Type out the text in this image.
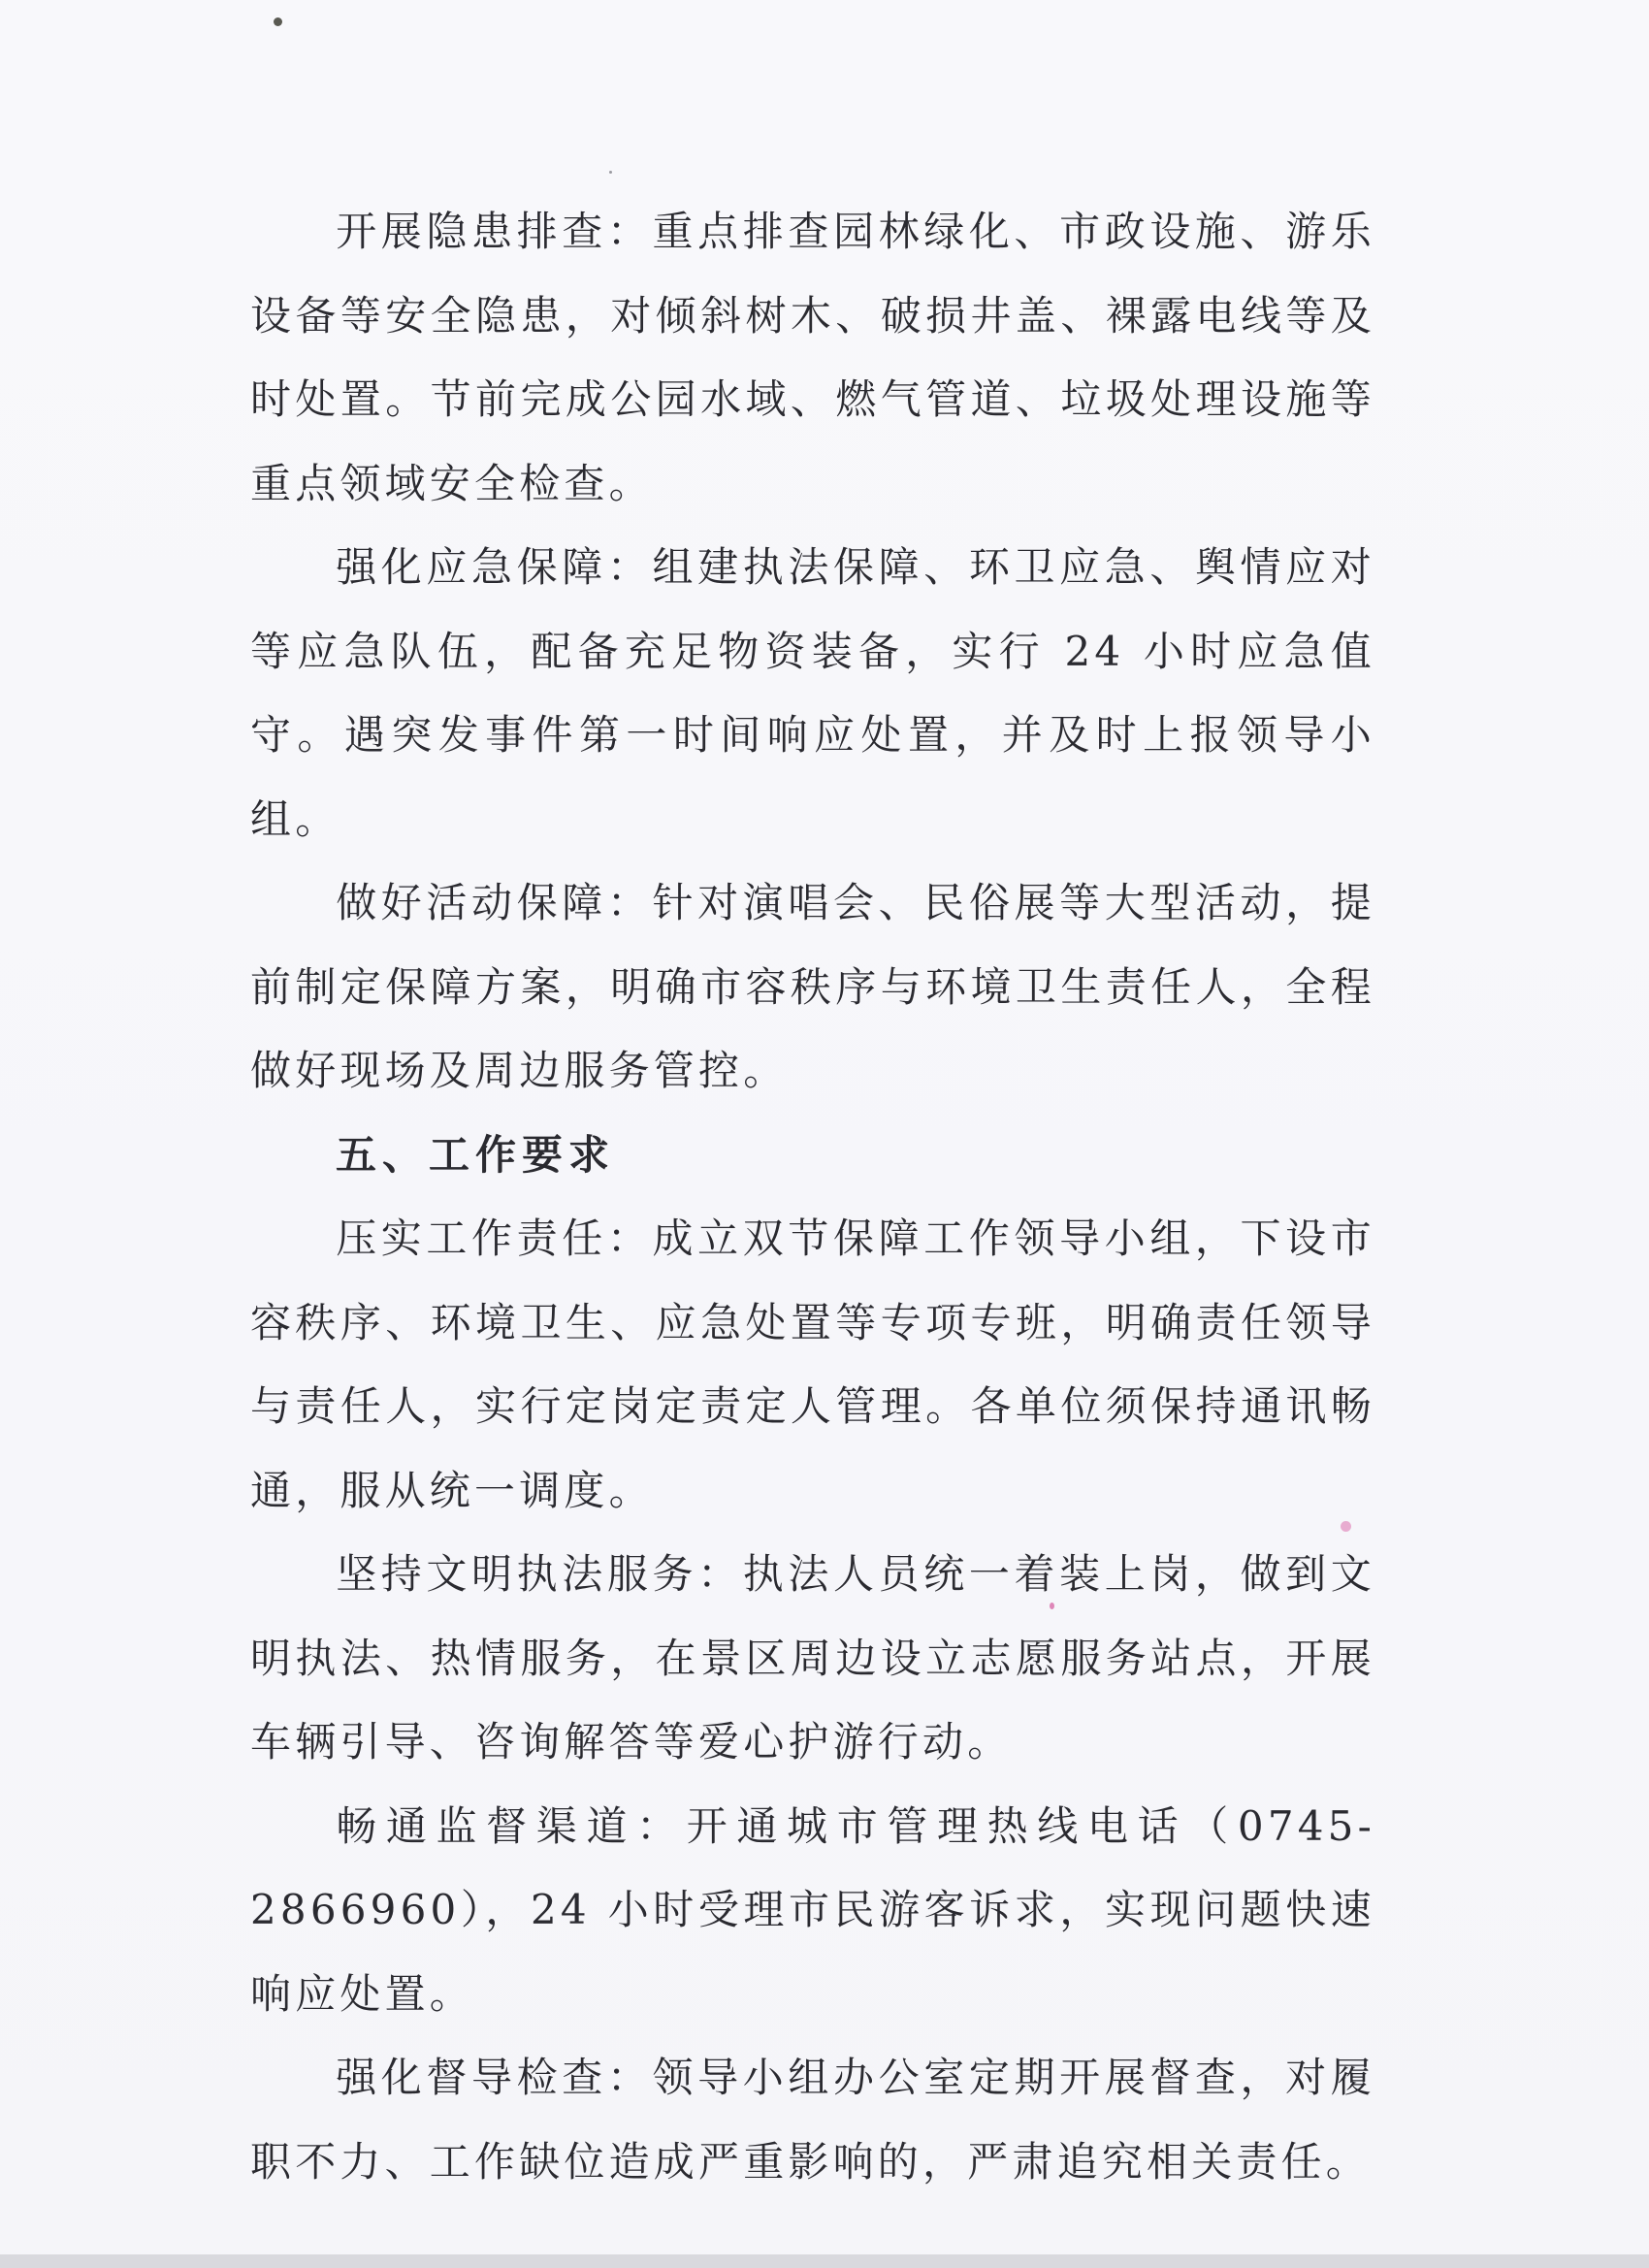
开展隐患排查：重点排查园林绿化、市政设施、游乐设备等安全隐患，对倾斜树木、破损井盖、裸露电线等及时处置。节前完成公园水域、燃气管道、垃圾处理设施等重点领域安全检查。

强化应急保障：组建执法保障、环卫应急、舆情应对等应急队伍，配备充足物资装备，实行 24 小时应急值守。遇突发事件第一时间响应处置，并及时上报领导小组。

做好活动保障：针对演唱会、民俗展等大型活动，提前制定保障方案，明确市容秩序与环境卫生责任人，全程做好现场及周边服务管控。

五、工作要求

压实工作责任：成立双节保障工作领导小组，下设市容秩序、环境卫生、应急处置等专项专班，明确责任领导与责任人，实行定岗定责定人管理。各单位须保持通讯畅通，服从统一调度。

坚持文明执法服务：执法人员统一着装上岗，做到文明执法、热情服务，在景区周边设立志愿服务站点，开展车辆引导、咨询解答等爱心护游行动。

畅通监督渠道：开通城市管理热线电话（0745-2866960），24 小时受理市民游客诉求，实现问题快速响应处置。

强化督导检查：领导小组办公室定期开展督查，对履职不力、工作缺位造成严重影响的，严肃追究相关责任。
